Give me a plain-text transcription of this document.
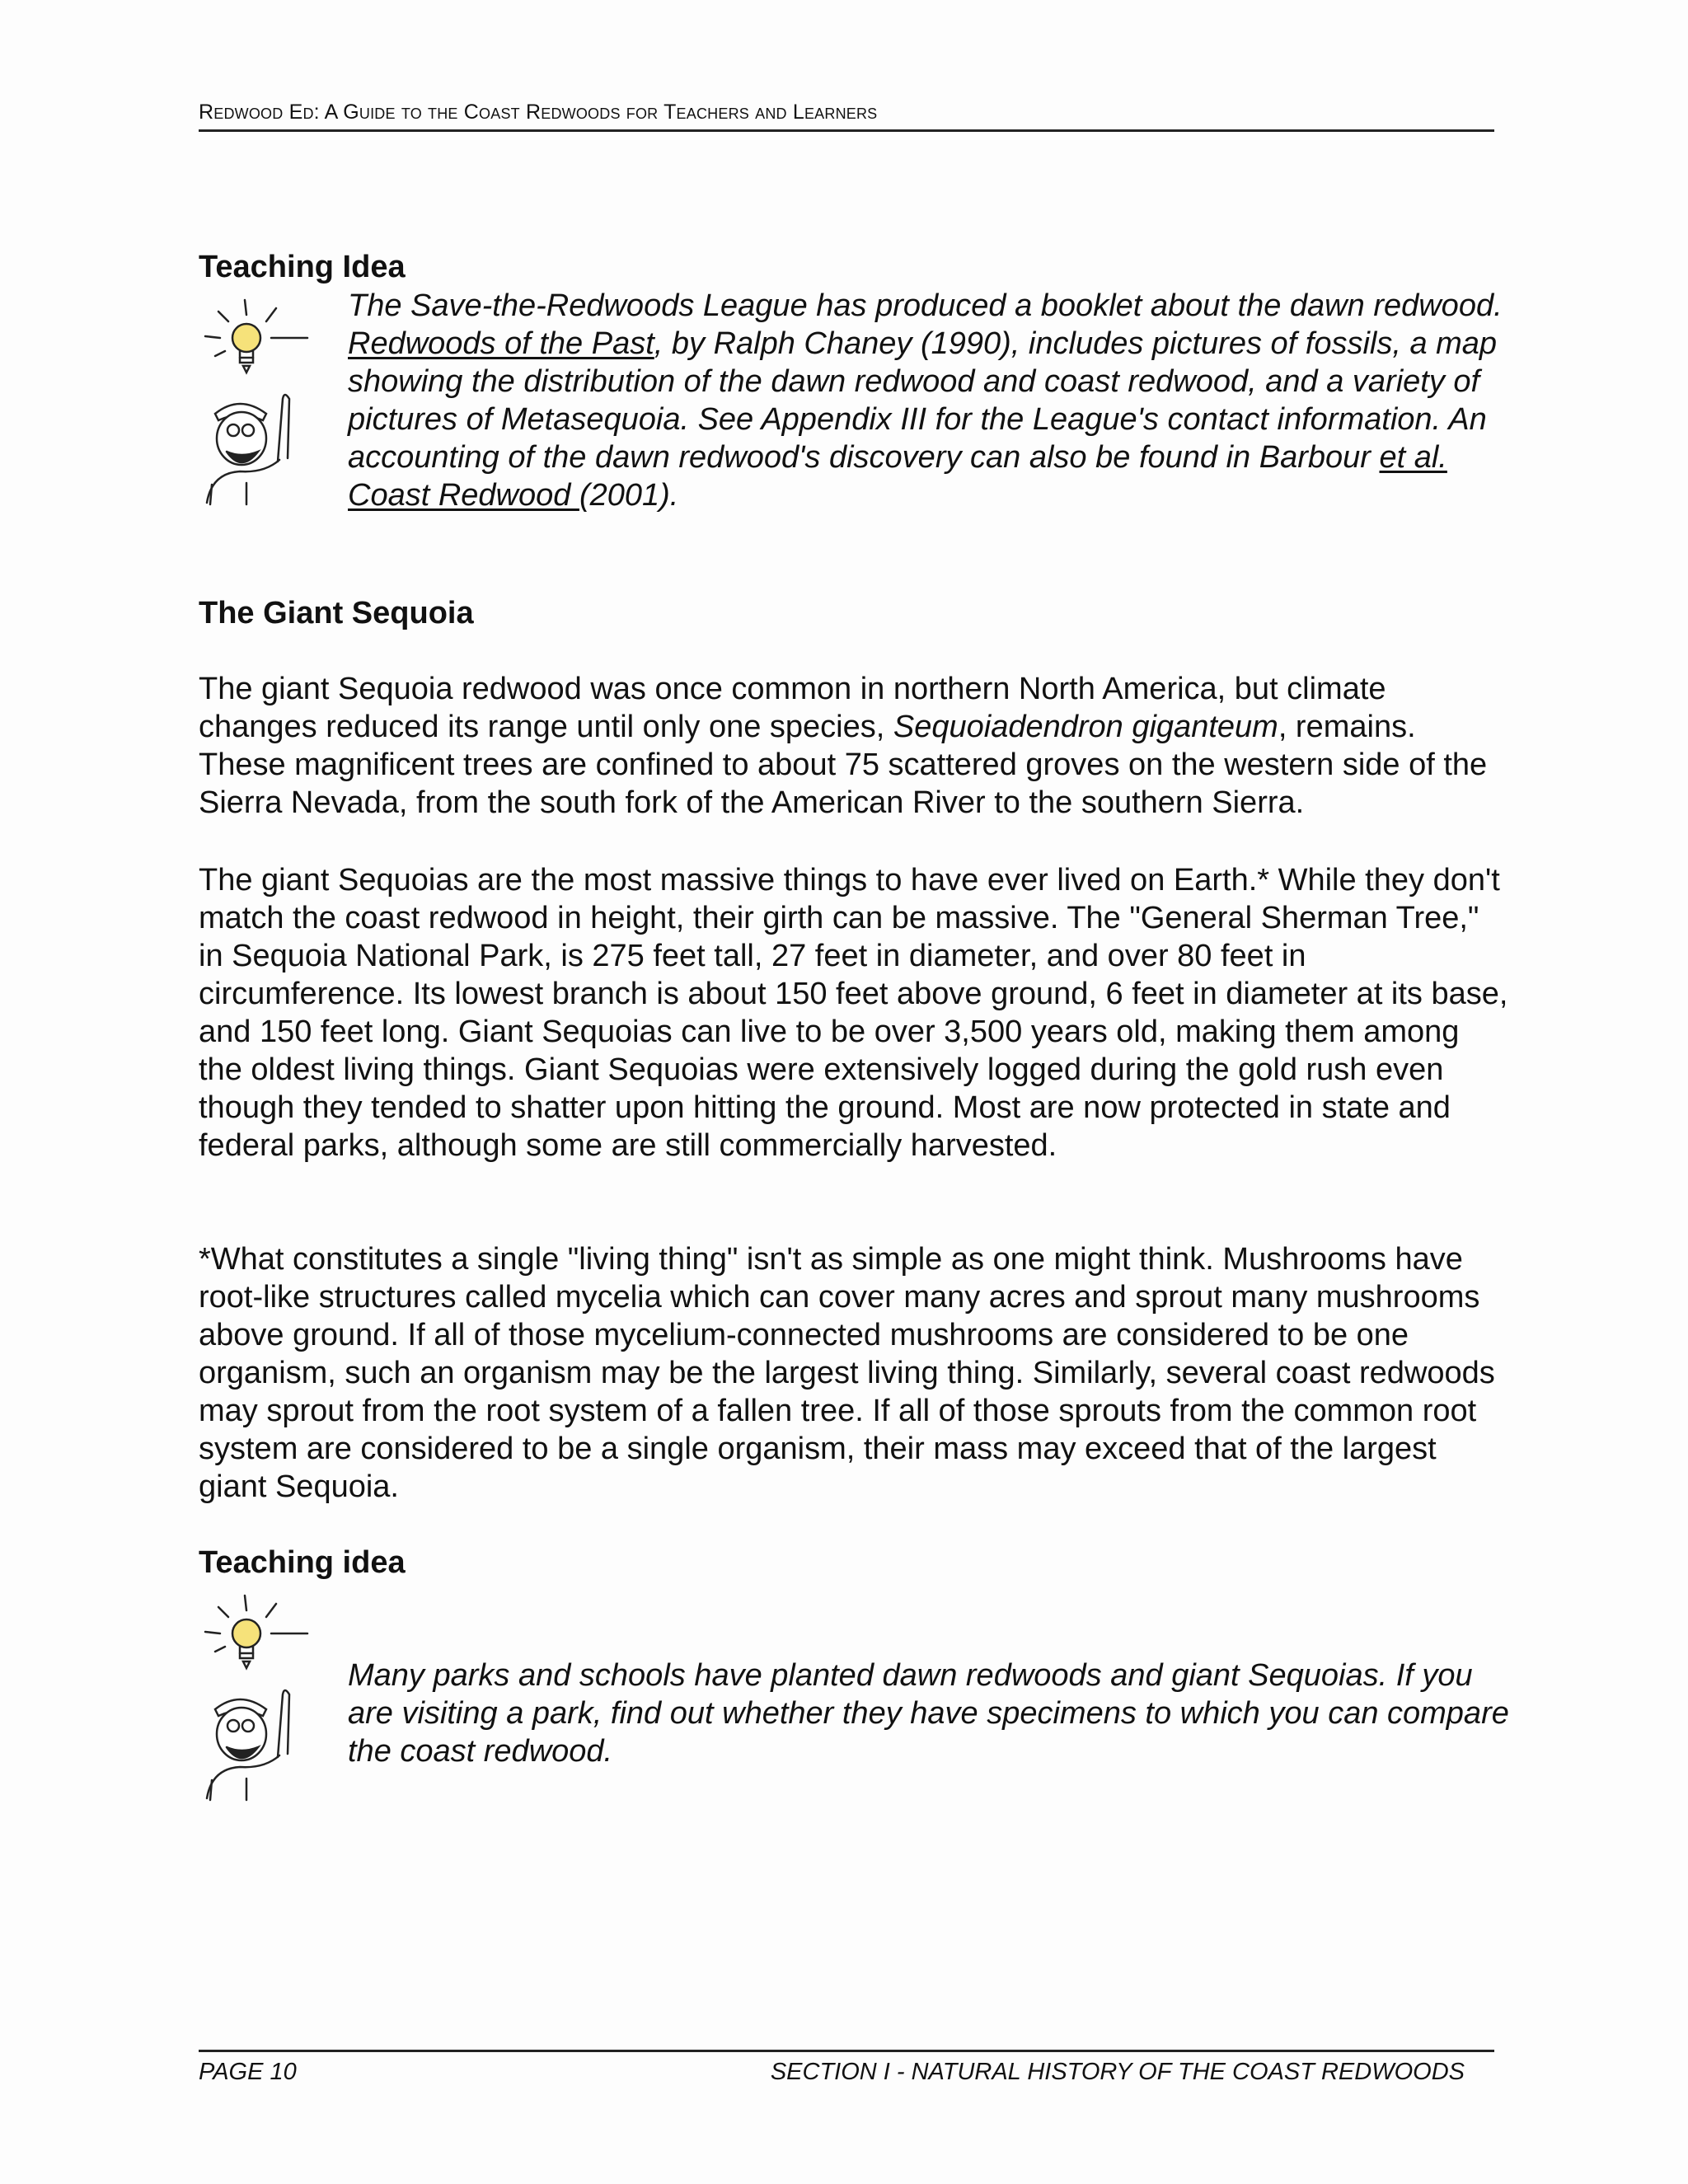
Redwood Ed: A Guide to the Coast Redwoods for Teachers and Learners
Teaching Idea

The Save-the-Redwoods League has produced a booklet about the dawn redwood. Redwoods of the Past, by Ralph Chaney (1990), includes pictures of fossils, a map showing the distribution of the dawn redwood and coast redwood, and a variety of pictures of Metasequoia. See Appendix III for the League's contact information. An accounting of the dawn redwood's discovery can also be found in Barbour et al. Coast Redwood (2001).

The Giant Sequoia

The giant Sequoia redwood was once common in northern North America, but climate changes reduced its range until only one species, Sequoiadendron giganteum, remains. These magnificent trees are confined to about 75 scattered groves on the western side of the Sierra Nevada, from the south fork of the American River to the southern Sierra.

The giant Sequoias are the most massive things to have ever lived on Earth.* While they don't match the coast redwood in height, their girth can be massive. The "General Sherman Tree," in Sequoia National Park, is 275 feet tall, 27 feet in diameter, and over 80 feet in circumference. Its lowest branch is about 150 feet above ground, 6 feet in diameter at its base, and 150 feet long. Giant Sequoias can live to be over 3,500 years old, making them among the oldest living things. Giant Sequoias were extensively logged during the gold rush even though they tended to shatter upon hitting the ground. Most are now protected in state and federal parks, although some are still commercially harvested.

*What constitutes a single "living thing" isn't as simple as one might think. Mushrooms have root-like structures called mycelia which can cover many acres and sprout many mushrooms above ground. If all of those mycelium-connected mushrooms are considered to be one organism, such an organism may be the largest living thing. Similarly, several coast redwoods may sprout from the root system of a fallen tree. If all of those sprouts from the common root system are considered to be a single organism, their mass may exceed that of the largest giant Sequoia.

Teaching idea

Many parks and schools have planted dawn redwoods and giant Sequoias. If you are visiting a park, find out whether they have specimens to which you can compare the coast redwood.

PAGE 10	SECTION I - NATURAL HISTORY OF THE COAST REDWOODS
